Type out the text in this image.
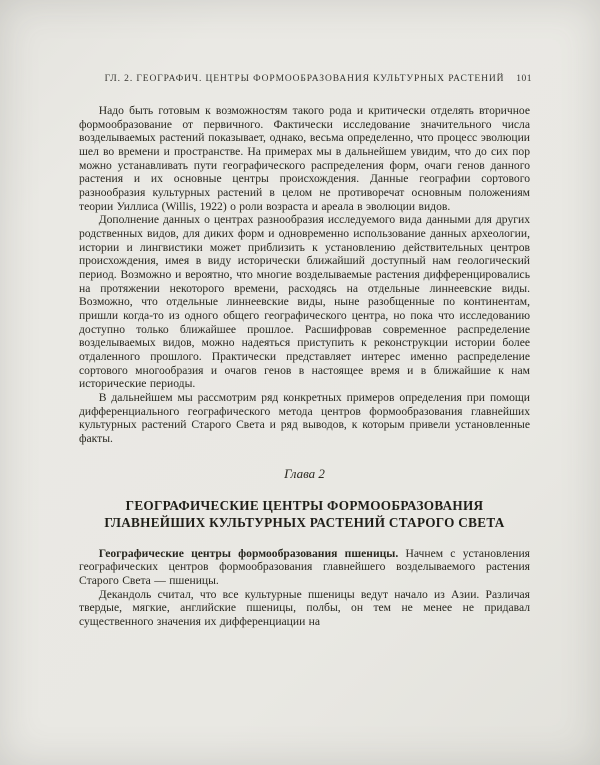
ГЛ. 2. ГЕОГРАФИЧ. ЦЕНТРЫ ФОРМООБРАЗОВАНИЯ КУЛЬТУРНЫХ РАСТЕНИЙ 101

Надо быть готовым к возможностям такого рода и критически отделять вторичное формообразование от первичного. Фактически исследование значительного числа возделываемых растений показывает, однако, весьма определенно, что процесс эволюции шел во времени и пространстве. На примерах мы в дальнейшем увидим, что до сих пор можно устанавливать пути географического распределения форм, очаги генов данного растения и их основные центры происхождения. Данные географии сортового разнообразия культурных растений в целом не противоречат основным положениям теории Уиллиса (Willis, 1922) о роли возраста и ареала в эволюции видов.

Дополнение данных о центрах разнообразия исследуемого вида данными для других родственных видов, для диких форм и одновременно использование данных археологии, истории и лингвистики может приблизить к установлению действительных центров происхождения, имея в виду исторически ближайший доступный нам геологический период. Возможно и вероятно, что многие возделываемые растения дифференцировались на протяжении некоторого времени, расходясь на отдельные линнеевские виды. Возможно, что отдельные линнеевские виды, ныне разобщенные по континентам, пришли когда-то из одного общего географического центра, но пока что исследованию доступно только ближайшее прошлое. Расшифровав современное распределение возделываемых видов, можно надеяться приступить к реконструкции истории более отдаленного прошлого. Практически представляет интерес именно распределение сортового многообразия и очагов генов в настоящее время и в ближайшие к нам исторические периоды.

В дальнейшем мы рассмотрим ряд конкретных примеров определения при помощи дифференциального географического метода центров формообразования главнейших культурных растений Старого Света и ряд выводов, к которым привели установленные факты.

Глава 2
ГЕОГРАФИЧЕСКИЕ ЦЕНТРЫ ФОРМООБРАЗОВАНИЯ ГЛАВНЕЙШИХ КУЛЬТУРНЫХ РАСТЕНИЙ СТАРОГО СВЕТА

Географические центры формообразования пшеницы. Начнем с установления географических центров формообразования главнейшего возделываемого растения Старого Света — пшеницы.

Декандоль считал, что все культурные пшеницы ведут начало из Азии. Различая твердые, мягкие, английские пшеницы, полбы, он тем не менее не придавал существенного значения их дифференциации на
